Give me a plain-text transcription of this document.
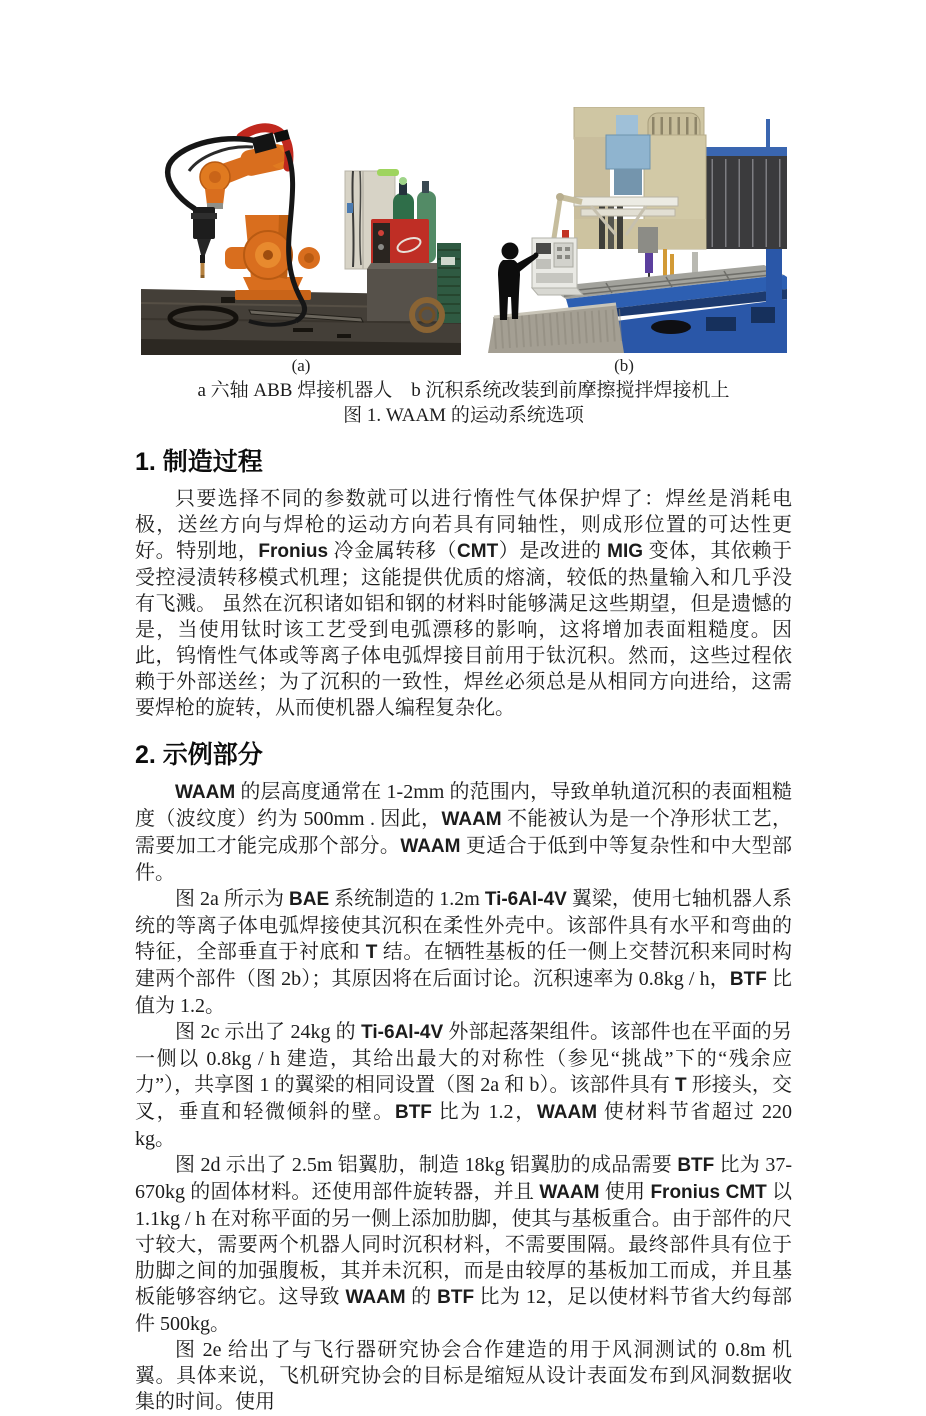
(a)	(b)
a 六轴 ABB 焊接机器人　b 沉积系统改装到前摩擦搅拌焊接机上
图 1. WAAM 的运动系统选项
1. 制造过程

只要选择不同的参数就可以进行惰性气体保护焊了：焊丝是消耗电极，送丝方向与焊枪的运动方向若具有同轴性，则成形位置的可达性更好。特别地，Fronius 冷金属转移（CMT）是改进的 MIG 变体，其依赖于受控浸渍转移模式机理；这能提供优质的熔滴，较低的热量输入和几乎没有飞溅。 虽然在沉积诸如铝和钢的材料时能够满足这些期望，但是遗憾的是，当使用钛时该工艺受到电弧漂移的影响，这将增加表面粗糙度。因此，钨惰性气体或等离子体电弧焊接目前用于钛沉积。然而，这些过程依赖于外部送丝；为了沉积的一致性，焊丝必须总是从相同方向进给，这需要焊枪的旋转，从而使机器人编程复杂化。

2. 示例部分

WAAM 的层高度通常在 1-2mm 的范围内，导致单轨道沉积的表面粗糙度（波纹度）约为 500mm . 因此，WAAM 不能被认为是一个净形状工艺，需要加工才能完成那个部分。WAAM 更适合于低到中等复杂性和中大型部件。

图 2a 所示为 BAE 系统制造的 1.2m Ti-6Al-4V 翼梁，使用七轴机器人系统的等离子体电弧焊接使其沉积在柔性外壳中。该部件具有水平和弯曲的特征，全部垂直于衬底和 T 结。在牺牲基板的任一侧上交替沉积来同时构建两个部件（图 2b）；其原因将在后面讨论。沉积速率为 0.8kg / h，BTF 比值为 1.2。

图 2c 示出了 24kg 的 Ti-6Al-4V 外部起落架组件。该部件也在平面的另一侧以 0.8kg / h 建造，其给出最大的对称性（参见“挑战”下的“残余应力”），共享图 1 的翼梁的相同设置（图 2a 和 b）。该部件具有 T 形接头，交叉，垂直和轻微倾斜的壁。BTF 比为 1.2，WAAM 使材料节省超过 220 kg。

图 2d 示出了 2.5m 铝翼肋，制造 18kg 铝翼肋的成品需要 BTF 比为 37-670kg 的固体材料。还使用部件旋转器，并且 WAAM 使用 Fronius CMT 以 1.1kg / h 在对称平面的另一侧上添加肋脚，使其与基板重合。由于部件的尺寸较大，需要两个机器人同时沉积材料，不需要围隔。最终部件具有位于肋脚之间的加强腹板，其并未沉积，而是由较厚的基板加工而成，并且基板能够容纳它。这导致 WAAM 的 BTF 比为 12，足以使材料节省大约每部件 500kg。

图 2e 给出了与飞行器研究协会合作建造的用于风洞测试的 0.8m 机翼。具体来说，飞机研究协会的目标是缩短从设计表面发布到风洞数据收集的时间。使用
